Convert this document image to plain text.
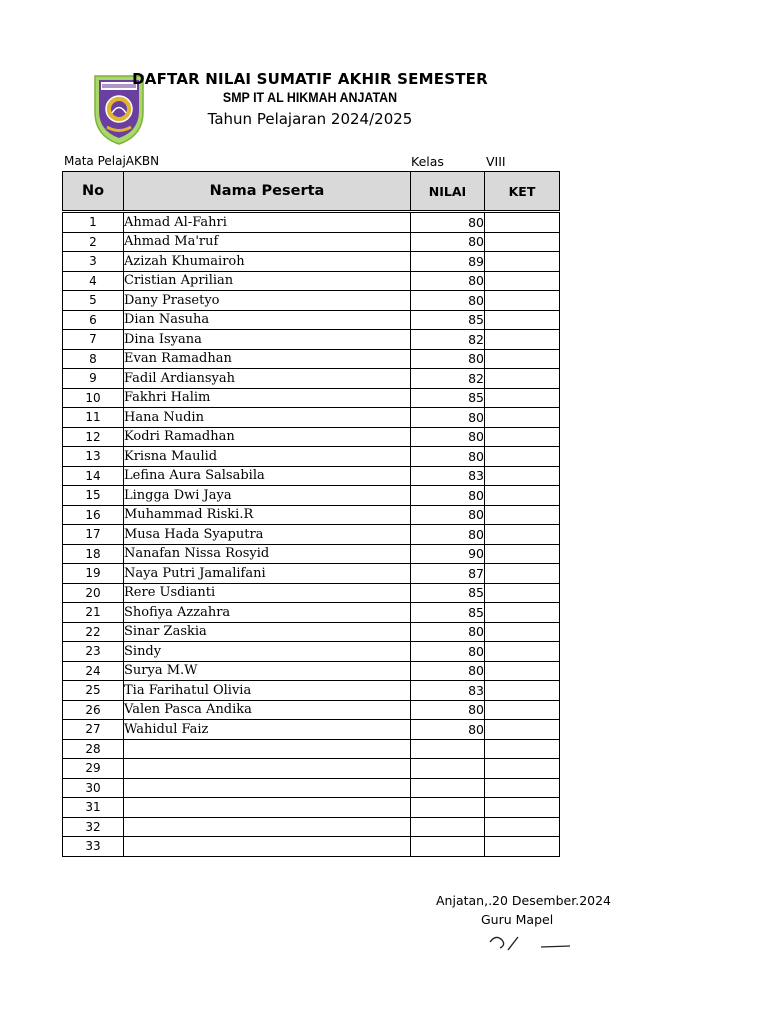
DAFTAR NILAI SUMATIF AKHIR SEMESTER
SMP IT AL HIKMAH ANJATAN
Tahun Pelajaran 2024/2025
Mata PelajAKBN	Kelas	VIII
No	Nama Peserta	NILAI	KET
1	Ahmad Al-Fahri	80	
2	Ahmad Ma'ruf	80	
3	Azizah Khumairoh	89	
4	Cristian Aprilian	80	
5	Dany Prasetyo	80	
6	Dian Nasuha	85	
7	Dina Isyana	82	
8	Evan Ramadhan	80	
9	Fadil Ardiansyah	82	
10	Fakhri Halim	85	
11	Hana Nudin	80	
12	Kodri Ramadhan	80	
13	Krisna Maulid	80	
14	Lefina Aura Salsabila	83	
15	Lingga Dwi Jaya	80	
16	Muhammad Riski.R	80	
17	Musa Hada Syaputra	80	
18	Nanafan Nissa Rosyid	90	
19	Naya Putri Jamalifani	87	
20	Rere Usdianti	85	
21	Shofiya Azzahra	85	
22	Sinar Zaskia	80	
23	Sindy	80	
24	Surya M.W	80	
25	Tia Farihatul Olivia	83	
26	Valen Pasca Andika	80	
27	Wahidul Faiz	80	
28			
29			
30			
31			
32			
33			
Anjatan,.20 Desember.2024
Guru Mapel
